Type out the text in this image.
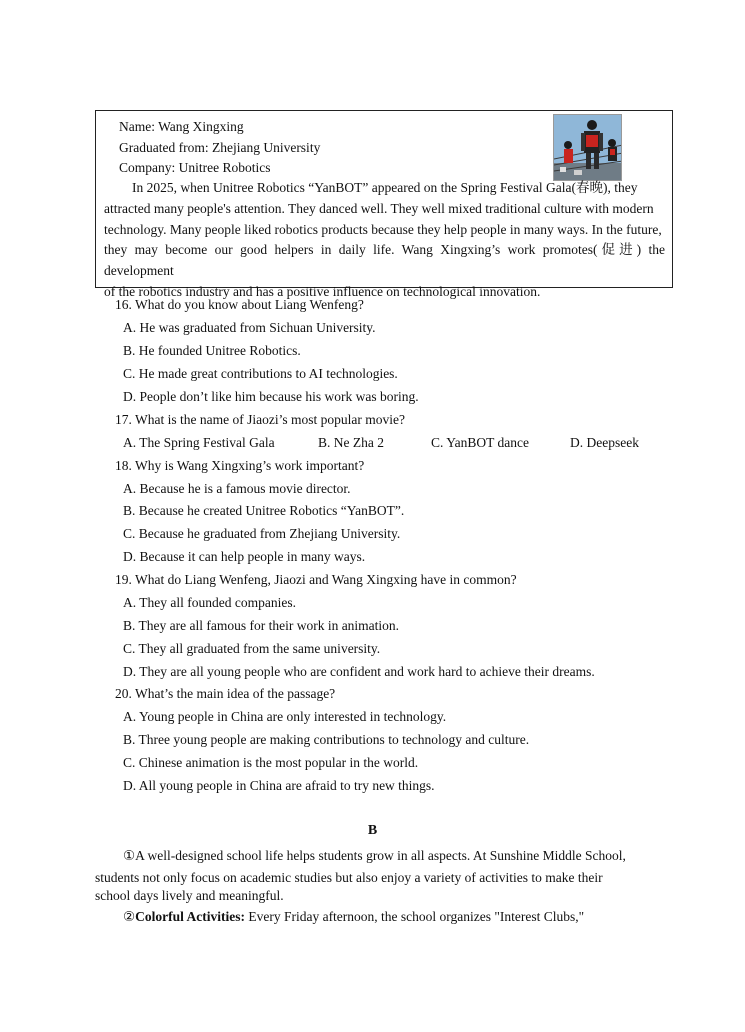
Name: Wang Xingxing
Graduated from: Zhejiang University
Company: Unitree Robotics

In 2025, when Unitree Robotics “YanBOT” appeared on the Spring Festival Gala(春晚), they

attracted many people's attention. They danced well. They well mixed traditional culture with modern

technology. Many people liked robotics products because they help people in many ways. In the future,

they may become our good helpers in daily life. Wang Xingxing’s work promotes(促进) the development

of the robotics industry and has a positive influence on technological innovation.

16. What do you know about Liang Wenfeng?
A. He was graduated from Sichuan University.
B. He founded Unitree Robotics.
C. He made great contributions to AI technologies.
D. People don’t like him because his work was boring.
17. What is the name of Jiaozi’s most popular movie?
A. The Spring Festival Gala	B. Ne Zha 2	C. YanBOT dance	D. Deepseek
18. Why is Wang Xingxing’s work important?
A. Because he is a famous movie director.
B. Because he created Unitree Robotics “YanBOT”.
C. Because he graduated from Zhejiang University.
D. Because it can help people in many ways.
19. What do Liang Wenfeng, Jiaozi and Wang Xingxing have in common?
A. They all founded companies.
B. They are all famous for their work in animation.
C. They all graduated from the same university.
D. They are all young people who are confident and work hard to achieve their dreams.
20. What’s the main idea of the passage?
A. Young people in China are only interested in technology.
B. Three young people are making contributions to technology and culture.
C. Chinese animation is the most popular in the world.
D. All young people in China are afraid to try new things.
B

①A well-designed school life helps students grow in all aspects. At Sunshine Middle School,

students not only focus on academic studies but also enjoy a variety of activities to make their

school days lively and meaningful.

②Colorful Activities: Every Friday afternoon, the school organizes "Interest Clubs,"
